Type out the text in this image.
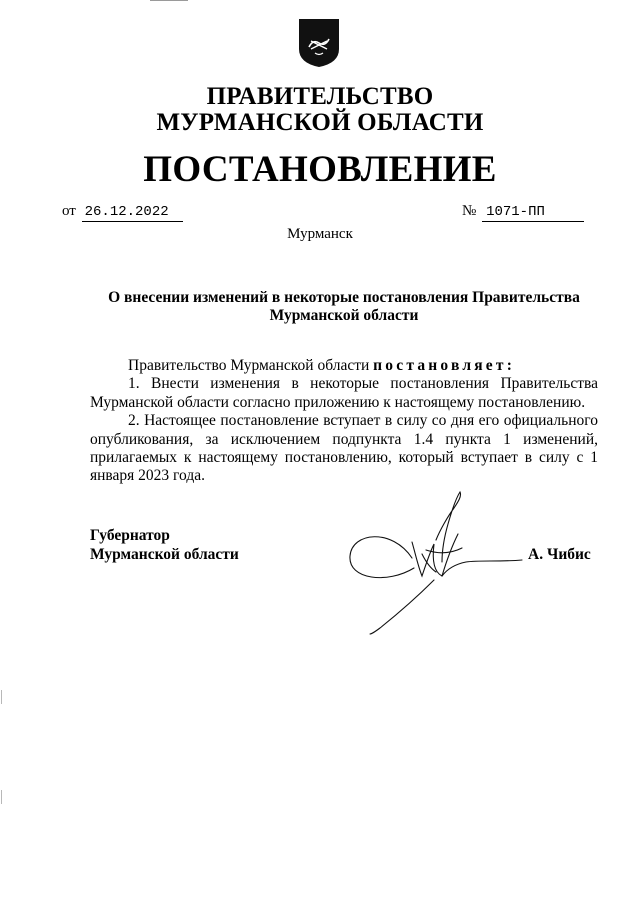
ПРАВИТЕЛЬСТВО
МУРМАНСКОЙ ОБЛАСТИ
ПОСТАНОВЛЕНИЕ
от 26.12.2022	№ 1071-ПП
Мурманск
О внесении изменений в некоторые постановления Правительства
Мурманской области

Правительство Мурманской области постановляет:

1. Внести изменения в некоторые постановления Правительства Мурманской области согласно приложению к настоящему постановлению.

2. Настоящее постановление вступает в силу со дня его официального опубликования, за исключением подпункта 1.4 пункта 1 изменений, прилагаемых к настоящему постановлению, который вступает в силу с 1 января 2023 года.

Губернатор
Мурманской области	А. Чибис
